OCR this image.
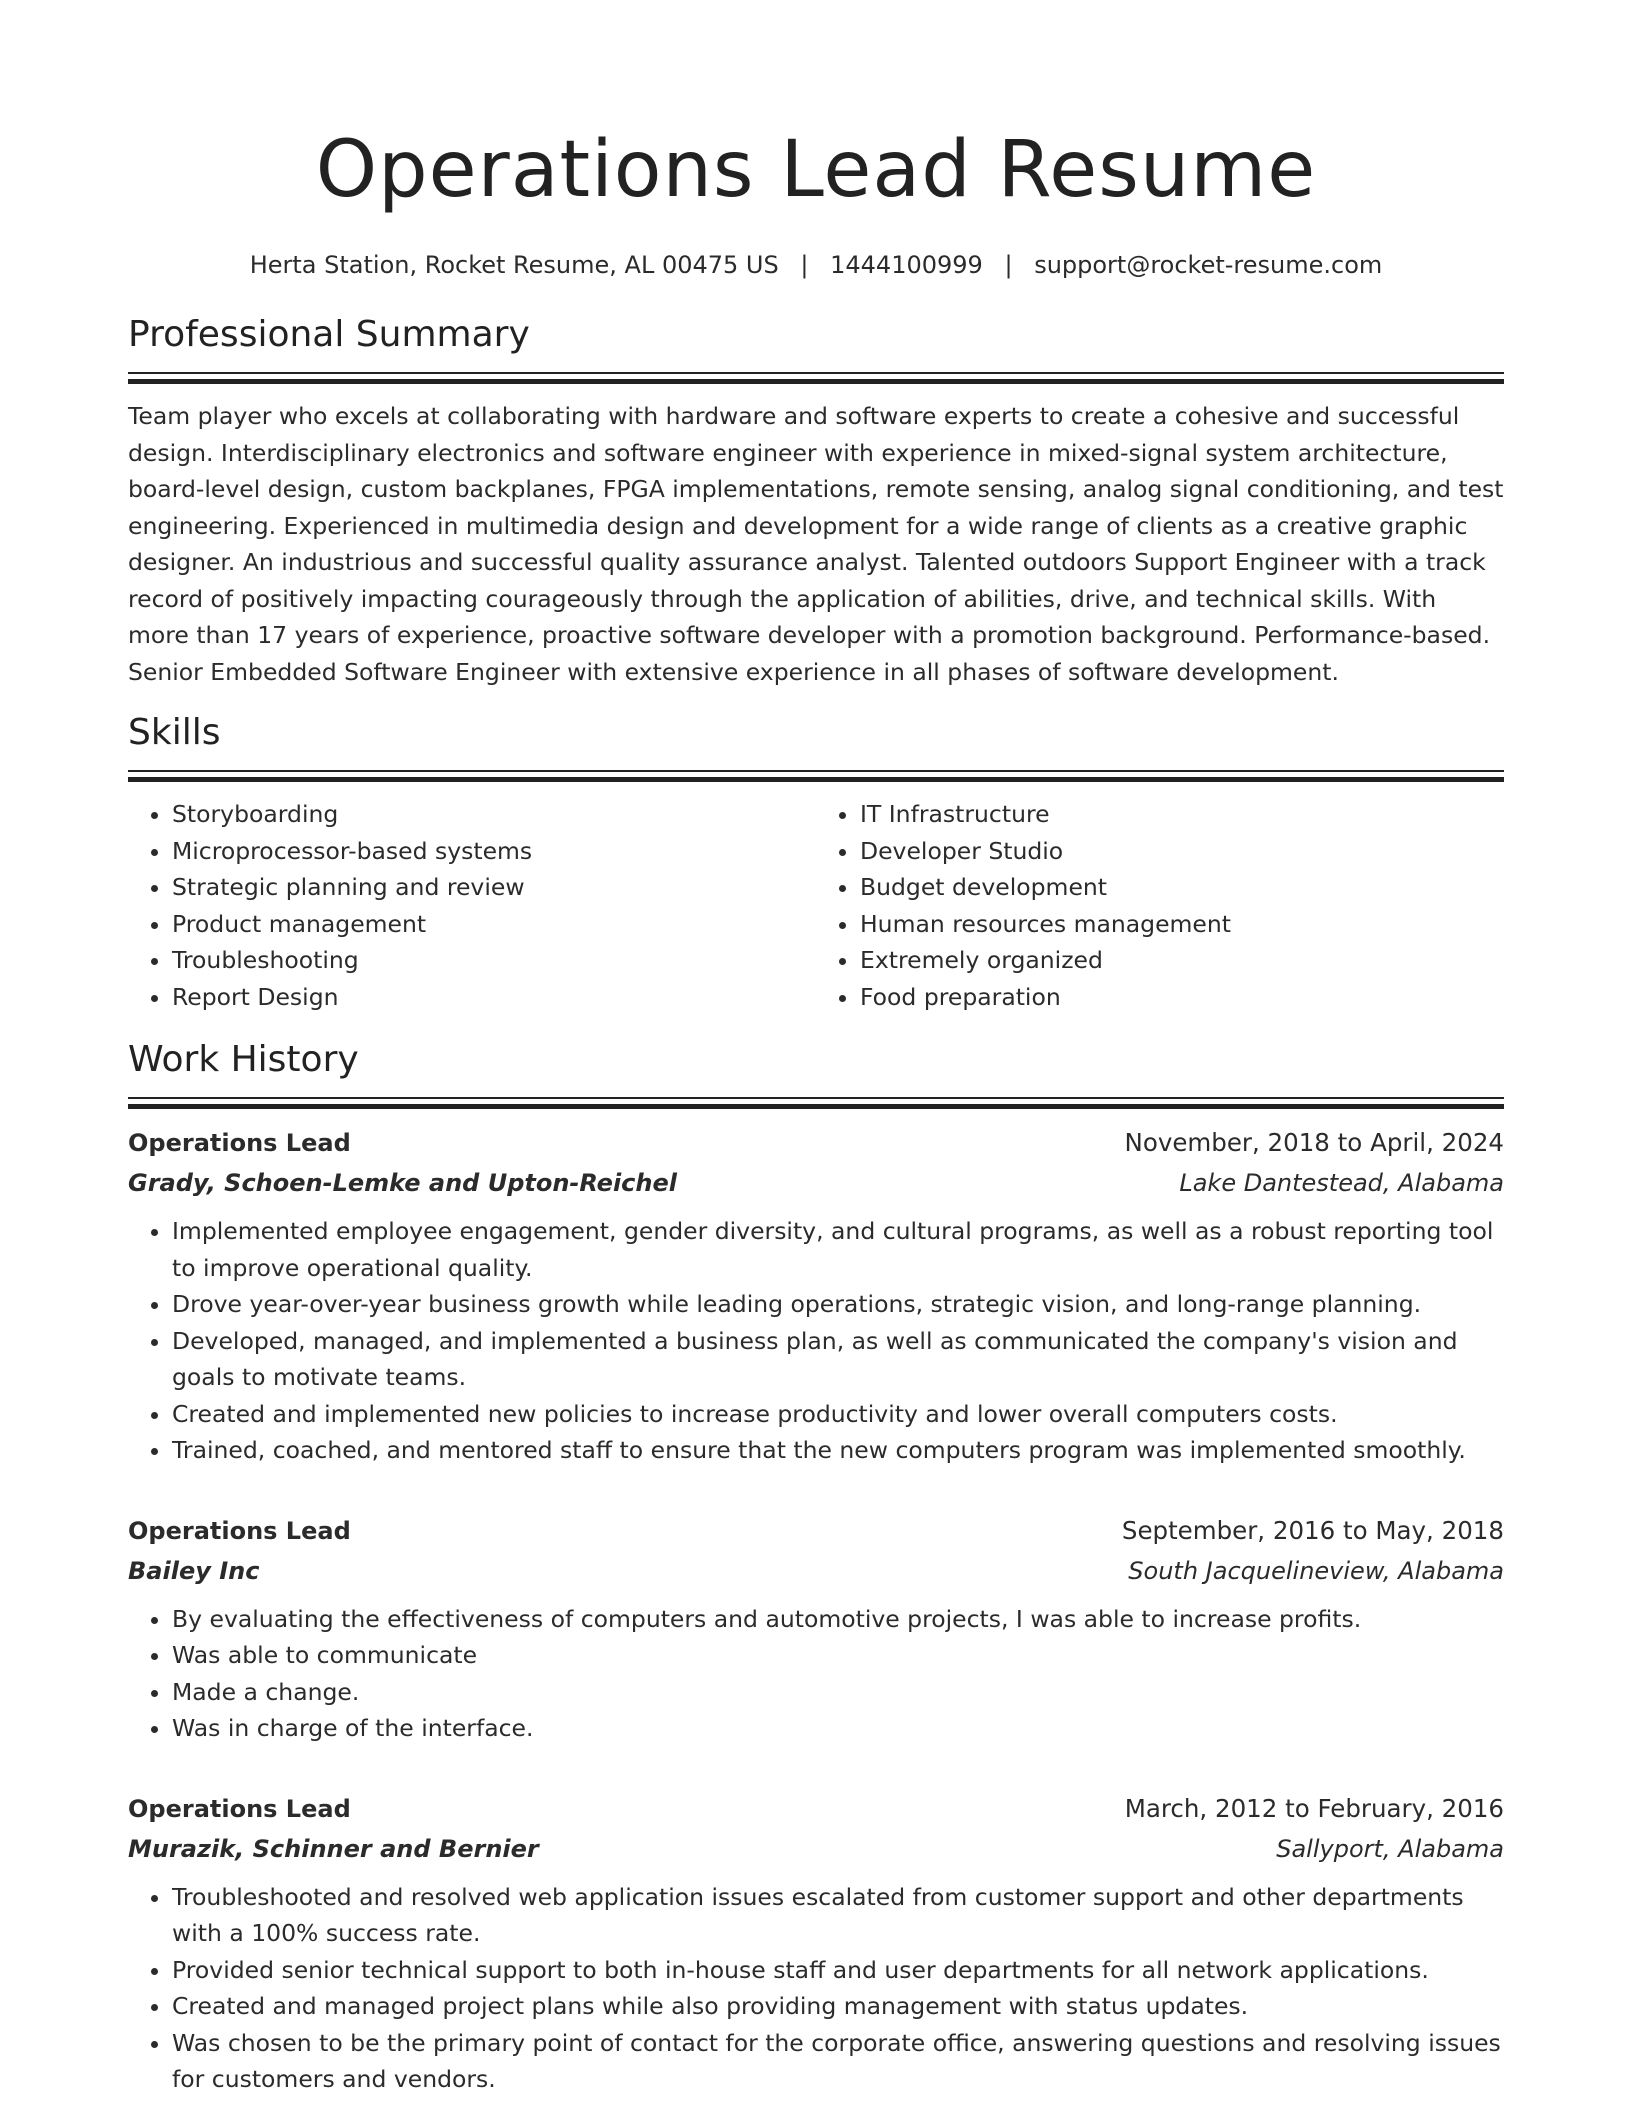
Operations Lead Resume
Herta Station, Rocket Resume, AL 00475 US | 1444100999 | support@rocket-resume.com
Professional Summary

Team player who excels at collaborating with hardware and software experts to create a cohesive and successful design. Interdisciplinary electronics and software engineer with experience in mixed-signal system architecture, board-level design, custom backplanes, FPGA implementations, remote sensing, analog signal conditioning, and test engineering. Experienced in multimedia design and development for a wide range of clients as a creative graphic designer. An industrious and successful quality assurance analyst. Talented outdoors Support Engineer with a track record of positively impacting courageously through the application of abilities, drive, and technical skills. With more than 17 years of experience, proactive software developer with a promotion background. Performance-based. Senior Embedded Software Engineer with extensive experience in all phases of software development.

Skills
• Storyboarding
• Microprocessor-based systems
• Strategic planning and review
• Product management
• Troubleshooting
• Report Design
• IT Infrastructure
• Developer Studio
• Budget development
• Human resources management
• Extremely organized
• Food preparation
Work History
Operations Lead	November, 2018 to April, 2024
Grady, Schoen-Lemke and Upton-Reichel	Lake Dantestead, Alabama
• Implemented employee engagement, gender diversity, and cultural programs, as well as a robust reporting tool to improve operational quality.
• Drove year-over-year business growth while leading operations, strategic vision, and long-range planning.
• Developed, managed, and implemented a business plan, as well as communicated the company's vision and goals to motivate teams.
• Created and implemented new policies to increase productivity and lower overall computers costs.
• Trained, coached, and mentored staff to ensure that the new computers program was implemented smoothly.
Operations Lead	September, 2016 to May, 2018
Bailey Inc	South Jacquelineview, Alabama
• By evaluating the effectiveness of computers and automotive projects, I was able to increase profits.
• Was able to communicate
• Made a change.
• Was in charge of the interface.
Operations Lead	March, 2012 to February, 2016
Murazik, Schinner and Bernier	Sallyport, Alabama
• Troubleshooted and resolved web application issues escalated from customer support and other departments with a 100% success rate.
• Provided senior technical support to both in-house staff and user departments for all network applications.
• Created and managed project plans while also providing management with status updates.
• Was chosen to be the primary point of contact for the corporate office, answering questions and resolving issues for customers and vendors.
